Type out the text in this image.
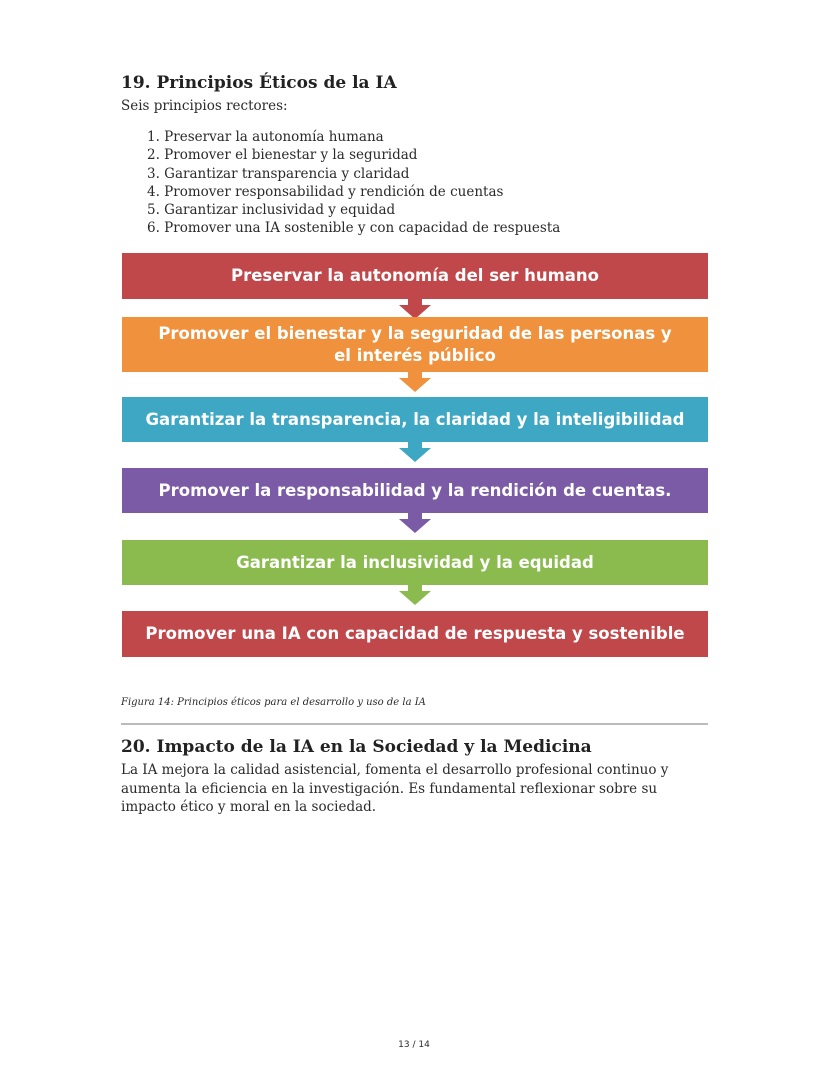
19. Principios Éticos de la IA
Seis principios rectores:
1. Preservar la autonomía humana
2. Promover el bienestar y la seguridad
3. Garantizar transparencia y claridad
4. Promover responsabilidad y rendición de cuentas
5. Garantizar inclusividad y equidad
6. Promover una IA sostenible y con capacidad de respuesta
Preservar la autonomía del ser humano
Promover el bienestar y la seguridad de las personas y el interés público
Garantizar la transparencia, la claridad y la inteligibilidad
Promover la responsabilidad y la rendición de cuentas.
Garantizar la inclusividad y la equidad
Promover una IA con capacidad de respuesta y sostenible
Figura 14: Principios éticos para el desarrollo y uso de la IA
20. Impacto de la IA en la Sociedad y la Medicina
La IA mejora la calidad asistencial, fomenta el desarrollo profesional continuo y aumenta la eficiencia en la investigación. Es fundamental reflexionar sobre su impacto ético y moral en la sociedad.
13 / 14
